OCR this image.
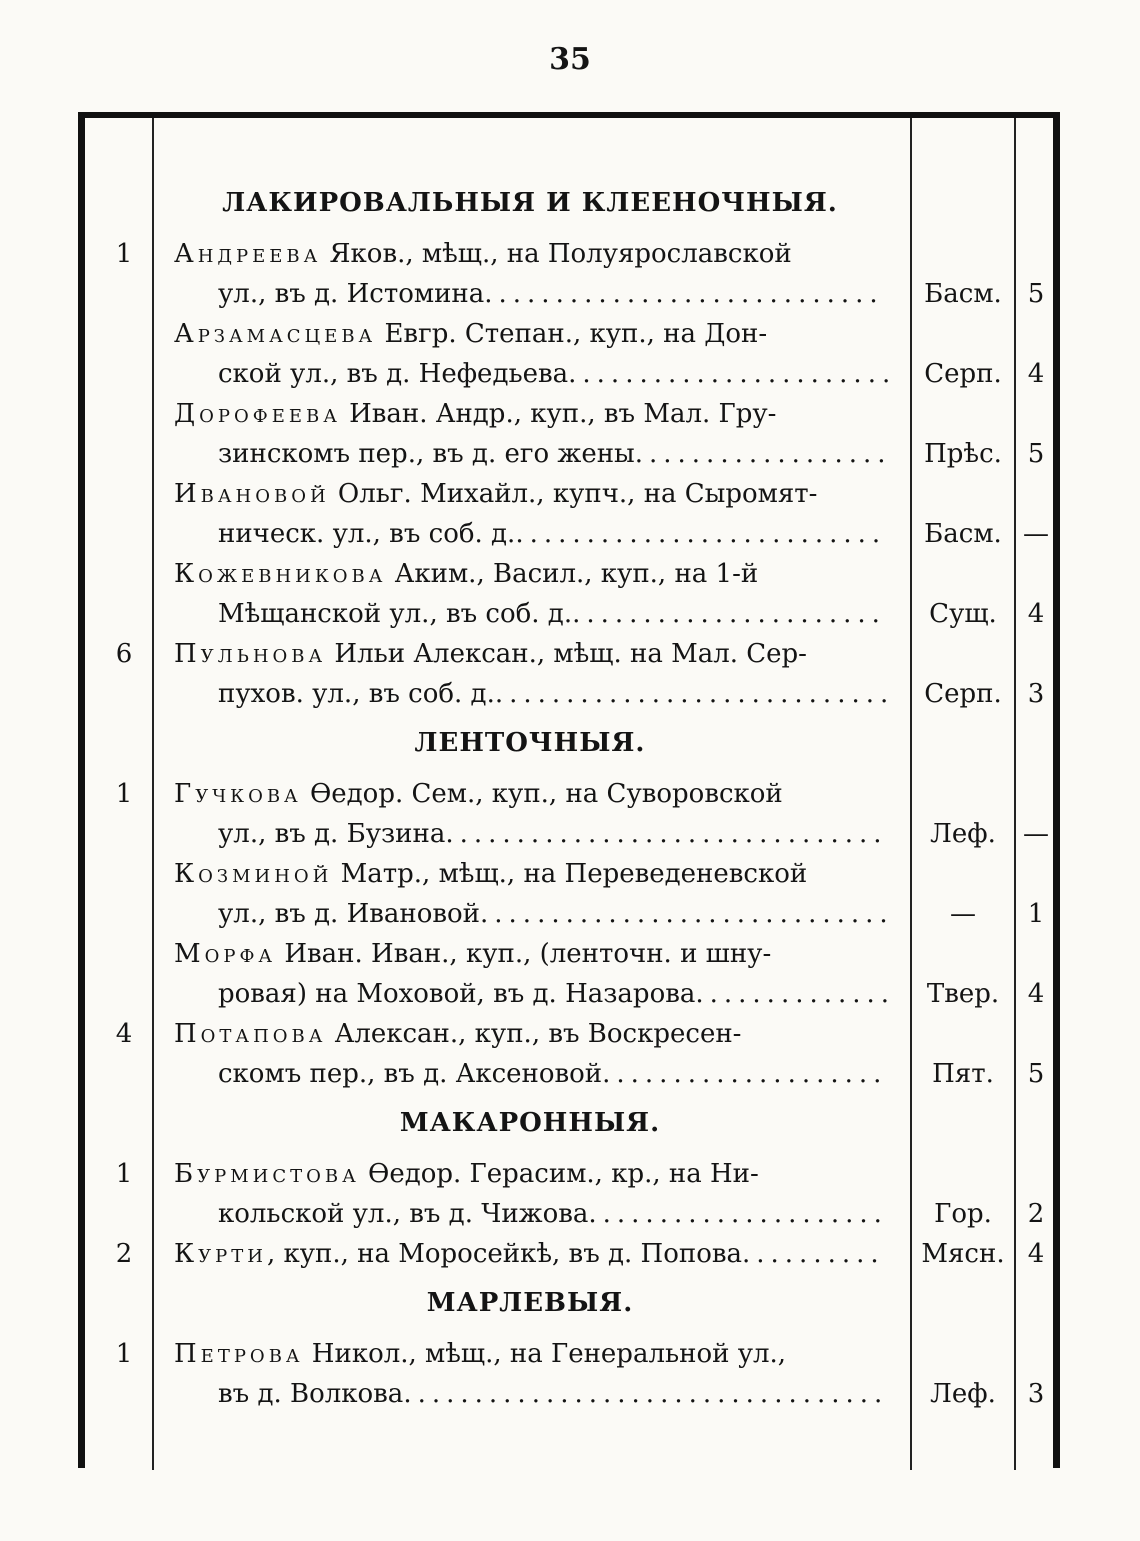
35
ЛАКИРОВАЛЬНЫЯ И КЛЕЕНОЧНЫЯ.
1 Андреева Яков., мѣщ., на Полуярославской
ул., въ д. Истомина............................	Басм. 5
Арзамасцева Евгр. Степан., куп., на Дон-
ской ул., въ д. Нефедьева.......................	Серп. 4
Дорофеева Иван. Андр., куп., въ Мал. Гру-
зинскомъ пер., въ д. его жены..................	Прѣс. 5
Ивановой Ольг. Михайл., купч., на Сыромят-
ническ. ул., въ соб. д...........................	Басм. —
Кожевникова Аким., Васил., куп., на 1-й
Мѣщанской ул., въ соб. д.......................	Сущ.	4
6 Пульнова Ильи Алексан., мѣщ. на Мал. Сер-
пухов. ул., въ соб. д.............................	Серп. 3
ЛЕНТОЧНЫЯ.
1 Гучкова Ѳедор. Сем., куп., на Суворовской
ул., въ д. Бузина...............................	Леф.	—
Козминой Матр., мѣщ., на Переведеневской
ул., въ д. Ивановой.............................	—	1
Морфа Иван. Иван., куп., (ленточн. и шну-
ровая) на Моховой, въ д. Назарова..............	Твер.	4
4 Потапова Алексан., куп., въ Воскресен-
скомъ пер., въ д. Аксеновой....................	Пят.	5
МАКАРОННЫЯ.
1 Бурмистова Ѳедор. Герасим., кр., на Ни-
кольской ул., въ д. Чижова.....................	Гор.	2
2 Курти, куп., на Моросейкѣ, въ д. Попова.......... Мясн. 4
МАРЛЕВЫЯ.
1 Петрова Никол., мѣщ., на Генеральной ул.,
въ д. Волкова..................................	Леф.	3
